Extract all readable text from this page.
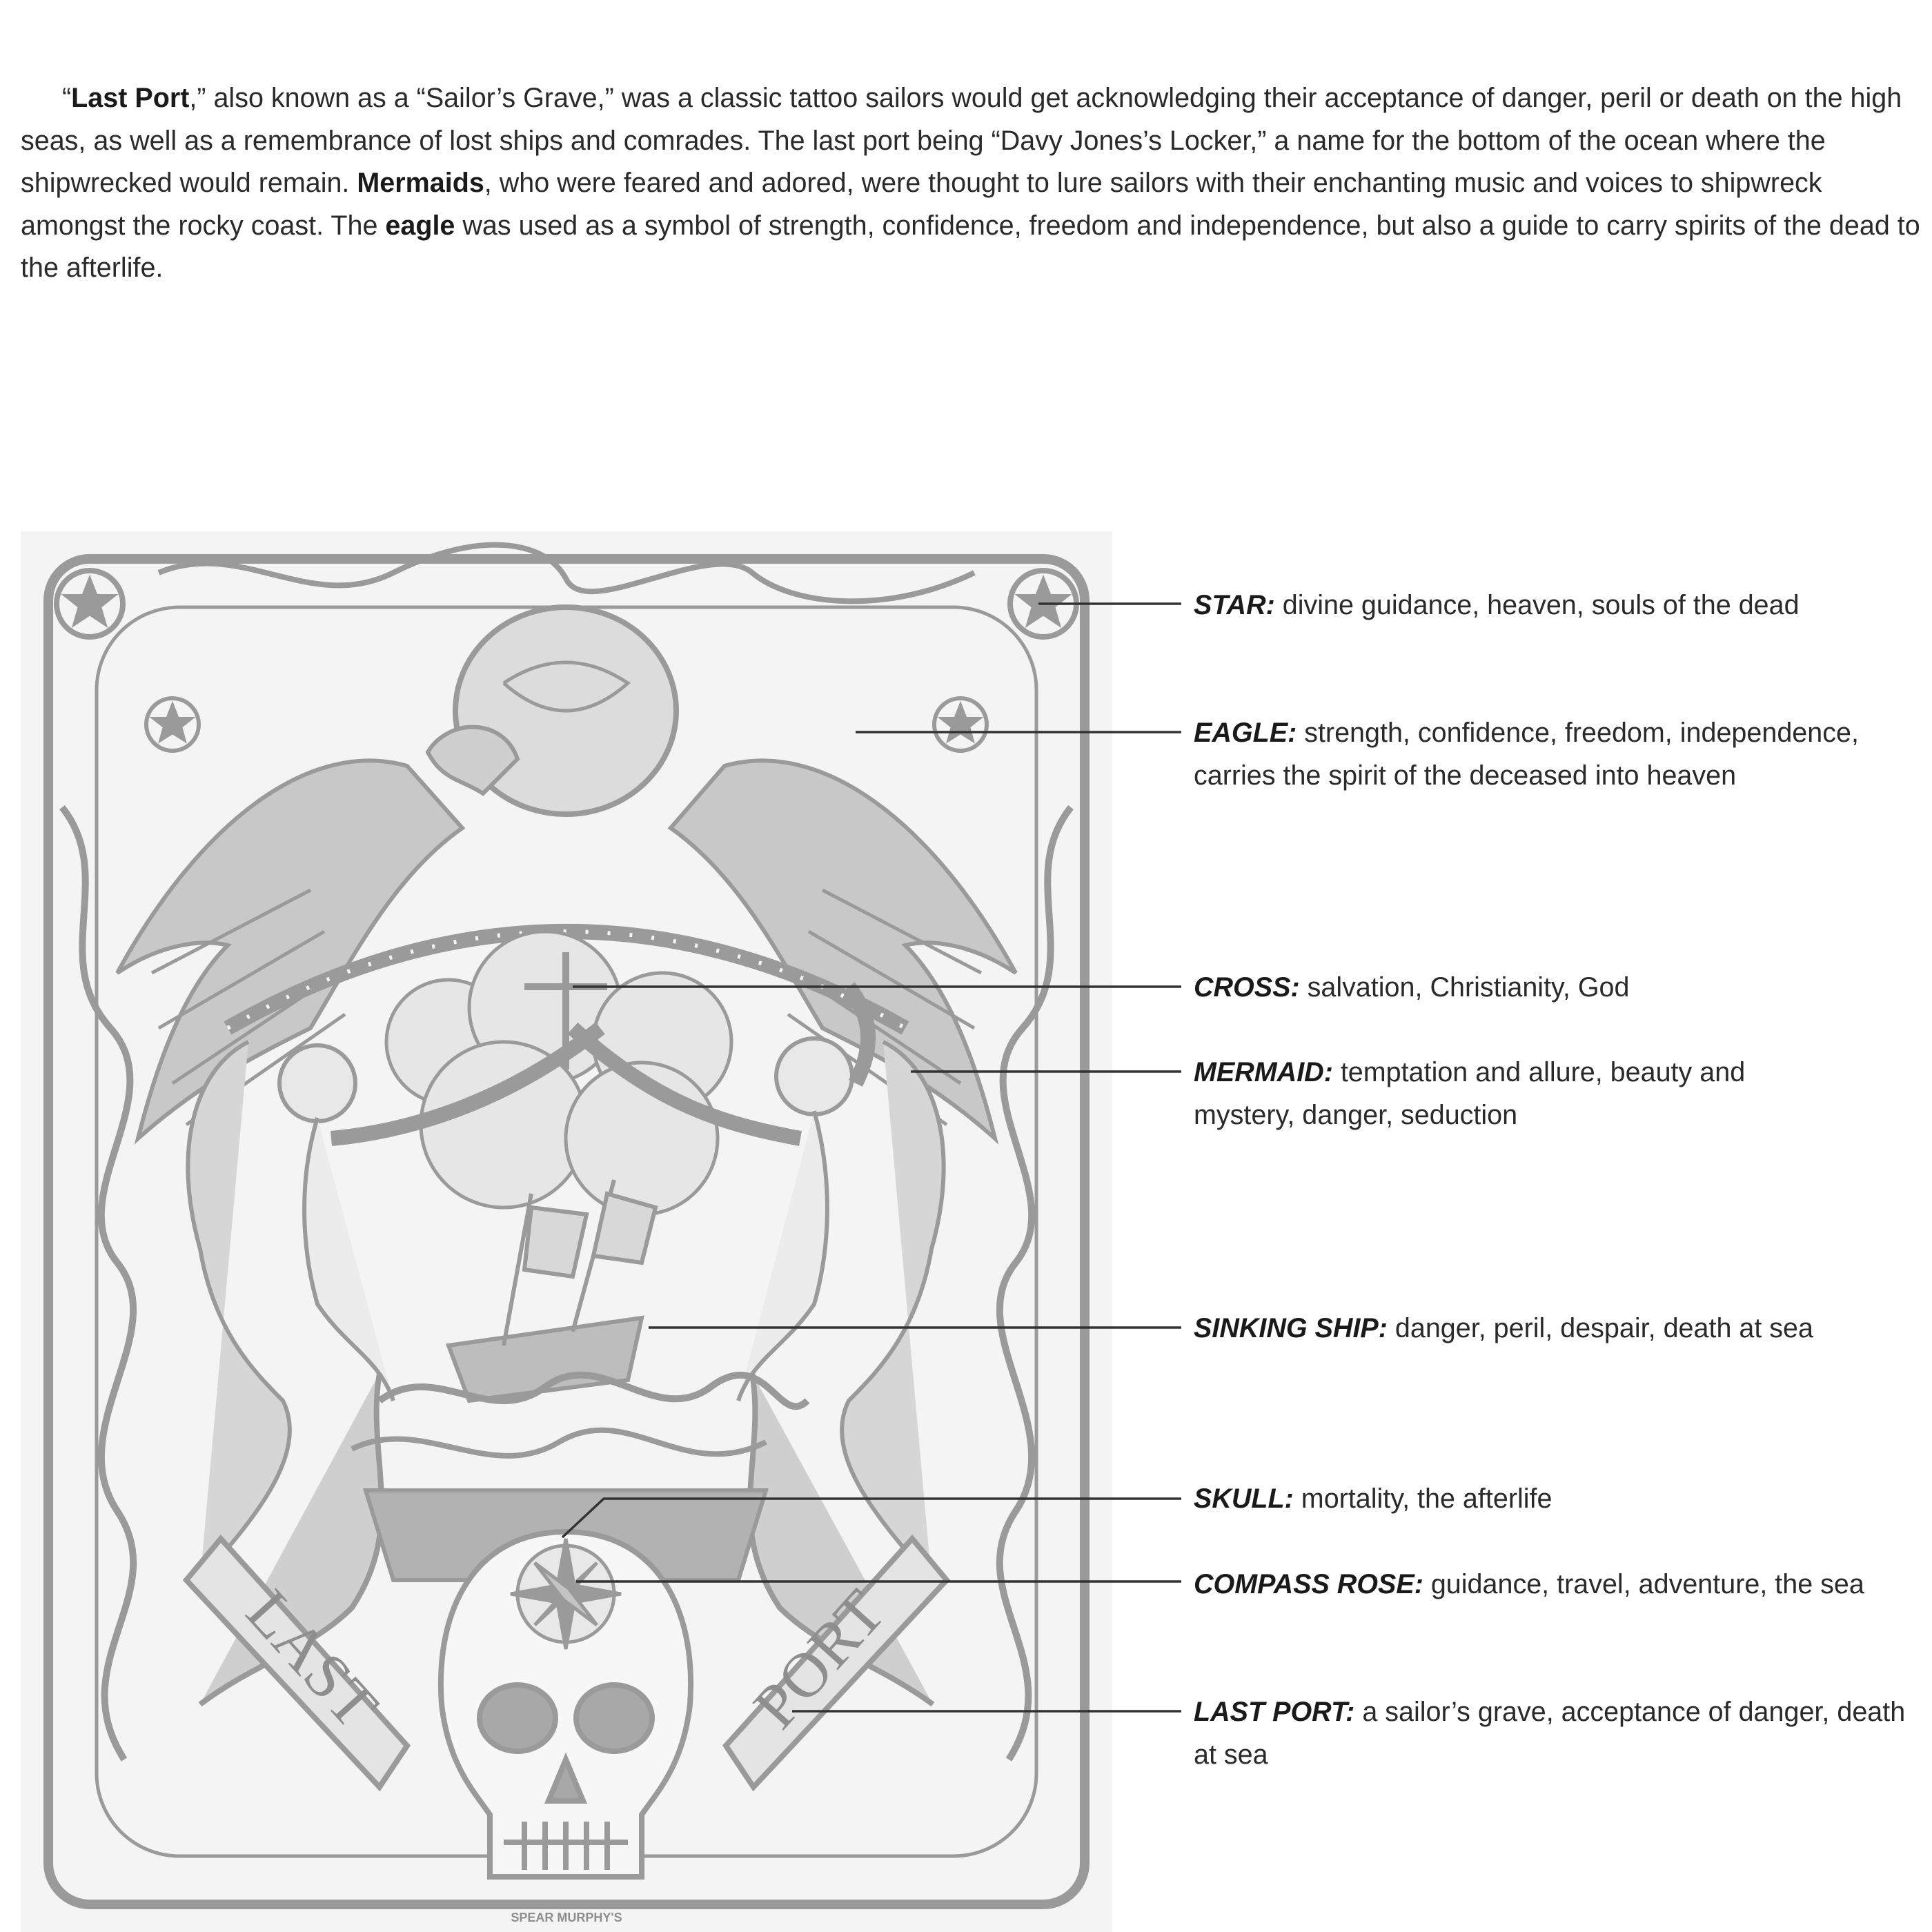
“Last Port,” also known as a “Sailor’s Grave,” was a classic tattoo sailors would get acknowledging their acceptance of danger, peril or death on the high seas, as well as a remembrance of lost ships and comrades. The last port being “Davy Jones’s Locker,” a name for the bottom of the ocean where the shipwrecked would remain. Mermaids, who were feared and adored, were thought to lure sailors with their enchanting music and voices to shipwreck amongst the rocky coast. The eagle was used as a symbol of strength, confidence, freedom and independence, but also a guide to carry spirits of the dead to the afterlife.

LAST	PORT
SPEAR MURPHY'S
STAR: divine guidance, heaven, souls of the dead
EAGLE: strength, confidence, freedom, independence, carries the spirit of the deceased into heaven
CROSS: salvation, Christianity, God
MERMAID: temptation and allure, beauty and mystery, danger, seduction
SINKING SHIP: danger, peril, despair, death at sea
SKULL: mortality, the afterlife
COMPASS ROSE: guidance, travel, adventure, the sea
LAST PORT: a sailor’s grave, acceptance of danger, death at sea
